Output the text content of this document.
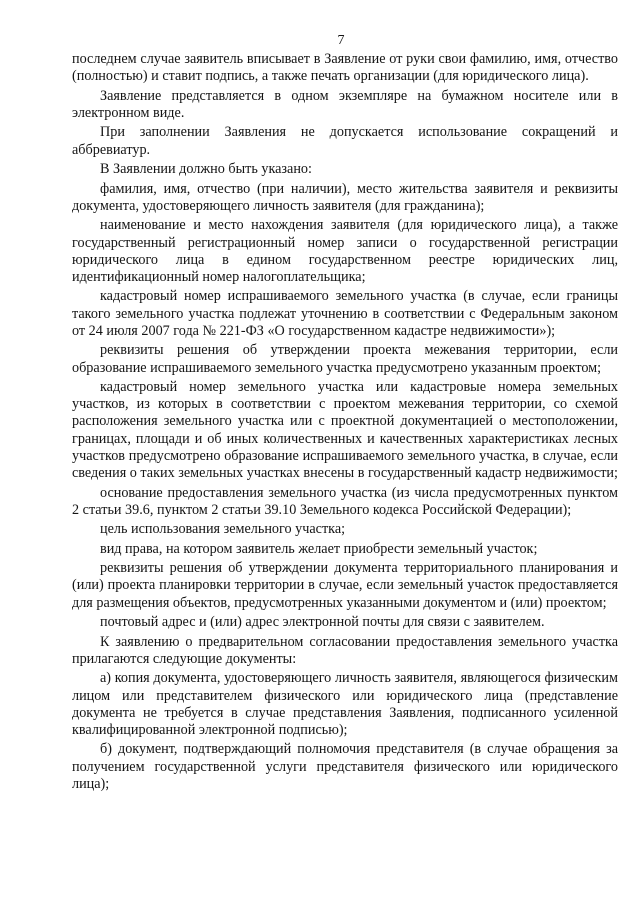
7

последнем случае заявитель вписывает в Заявление от руки свои фамилию, имя, отчество (полностью) и ставит подпись, а также печать организации (для юридического лица).

Заявление представляется в одном экземпляре на бумажном носителе или в электронном виде.

При заполнении Заявления не допускается использование сокращений и аббревиатур.

В Заявлении должно быть указано:

фамилия, имя, отчество (при наличии), место жительства заявителя и реквизиты документа, удостоверяющего личность заявителя (для гражданина);

наименование и место нахождения заявителя (для юридического лица), а также государственный регистрационный номер записи о государственной регистрации юридического лица в едином государственном реестре юридических лиц, идентификационный номер налогоплательщика;

кадастровый номер испрашиваемого земельного участка (в случае, если границы такого земельного участка подлежат уточнению в соответствии с Федеральным законом от 24 июля 2007 года № 221-ФЗ «О государственном кадастре недвижимости»);

реквизиты решения об утверждении проекта межевания территории, если образование испрашиваемого земельного участка предусмотрено указанным проектом;

кадастровый номер земельного участка или кадастровые номера земельных участков, из которых в соответствии с проектом межевания территории, со схемой расположения земельного участка или с проектной документацией о местоположении, границах, площади и об иных количественных и качественных характеристиках лесных участков предусмотрено образование испрашиваемого земельного участка, в случае, если сведения о таких земельных участках внесены в государственный кадастр недвижимости;

основание предоставления земельного участка (из числа предусмотренных пунктом 2 статьи 39.6, пунктом 2 статьи 39.10 Земельного кодекса Российской Федерации);

цель использования земельного участка;

вид права, на котором заявитель желает приобрести земельный участок;

реквизиты решения об утверждении документа территориального планирования и (или) проекта планировки территории в случае, если земельный участок предоставляется для размещения объектов, предусмотренных указанными документом и (или) проектом;

почтовый адрес и (или) адрес электронной почты для связи с заявителем.

К заявлению о предварительном согласовании предоставления земельного участка прилагаются следующие документы:

а) копия документа, удостоверяющего личность заявителя, являющегося физическим лицом или представителем физического или юридического лица (представление документа не требуется в случае представления Заявления, подписанного усиленной квалифицированной электронной подписью);

б) документ, подтверждающий полномочия представителя (в случае обращения за получением государственной услуги представителя физического или юридического лица);
